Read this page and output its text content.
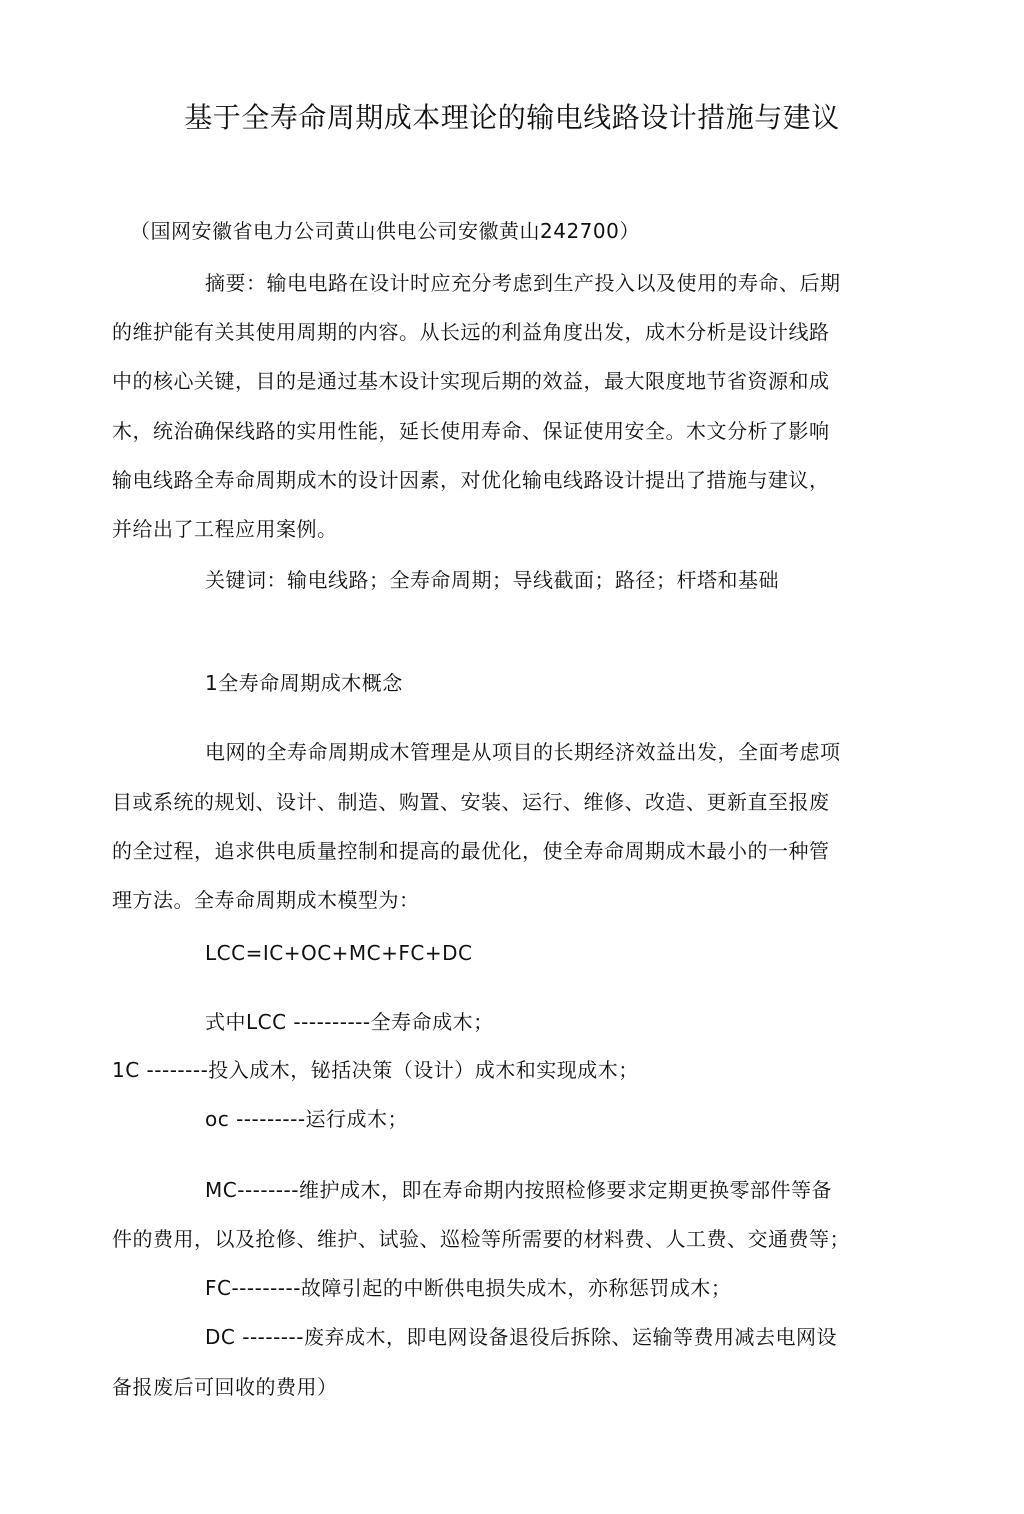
基于全寿命周期成本理论的输电线路设计措施与建议
（国网安徽省电力公司黄山供电公司安徽黄山242700）
摘要：输电电路在设计时应充分考虑到生产投入以及使用的寿命、后期
的维护能有关其使用周期的内容。从长远的利益角度出发，成木分析是设计线路
中的核心关键，目的是通过基木设计实现后期的效益，最大限度地节省资源和成
木，统治确保线路的实用性能，延长使用寿命、保证使用安全。木文分析了影响
输电线路全寿命周期成木的设计因素，对优化输电线路设计提出了措施与建议，
并给出了工程应用案例。
关键词：输电线路；全寿命周期；导线截面；路径；杆塔和基础
1全寿命周期成木概念
电网的全寿命周期成木管理是从项目的长期经济效益出发，全面考虑项
目或系统的规划、设计、制造、购置、安装、运行、维修、改造、更新直至报废
的全过程，追求供电质量控制和提高的最优化，使全寿命周期成木最小的一种管
理方法。全寿命周期成木模型为：
LCC=IC+OC+MC+FC+DC
式中LCC ----------全寿命成木；
1C --------投入成木，铋括决策（设计）成木和实现成木；
oc ---------运行成木；
MC--------维护成木，即在寿命期内按照检修要求定期更换零部件等备
件的费用，以及抢修、维护、试验、巡检等所需要的材料费、人工费、交通费等；
FC---------故障引起的中断供电损失成木，亦称惩罚成木；
DC --------废弃成木，即电网设备退役后拆除、运输等费用减去电网设
备报废后可回收的费用）
